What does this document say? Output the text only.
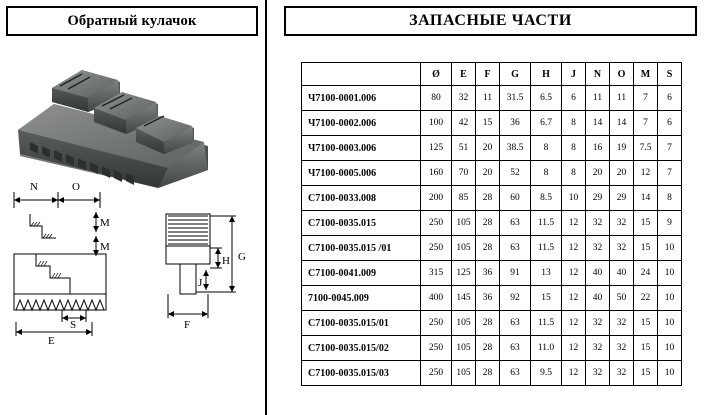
Обратный кулачок
N	O
M
M
S
E
F
G
H
J
ЗАПАСНЫЕ ЧАСТИ
	Ø	E	F	G	H	J	N	O	M	S
Ч7100-0001.006	80	32	11	31.5	6.5	6	11	11	7	6
Ч7100-0002.006	100	42	15	36	6.7	8	14	14	7	6
Ч7100-0003.006	125	51	20	38.5	8	8	16	19	7.5	7
Ч7100-0005.006	160	70	20	52	8	8	20	20	12	7
С7100-0033.008	200	85	28	60	8.5	10	29	29	14	8
С7100-0035.015	250	105	28	63	11.5	12	32	32	15	9
С7100-0035.015 /01	250	105	28	63	11.5	12	32	32	15	10
С7100-0041.009	315	125	36	91	13	12	40	40	24	10
7100-0045.009	400	145	36	92	15	12	40	50	22	10
С7100-0035.015/01	250	105	28	63	11.5	12	32	32	15	10
С7100-0035.015/02	250	105	28	63	11.0	12	32	32	15	10
С7100-0035.015/03	250	105	28	63	9.5	12	32	32	15	10
